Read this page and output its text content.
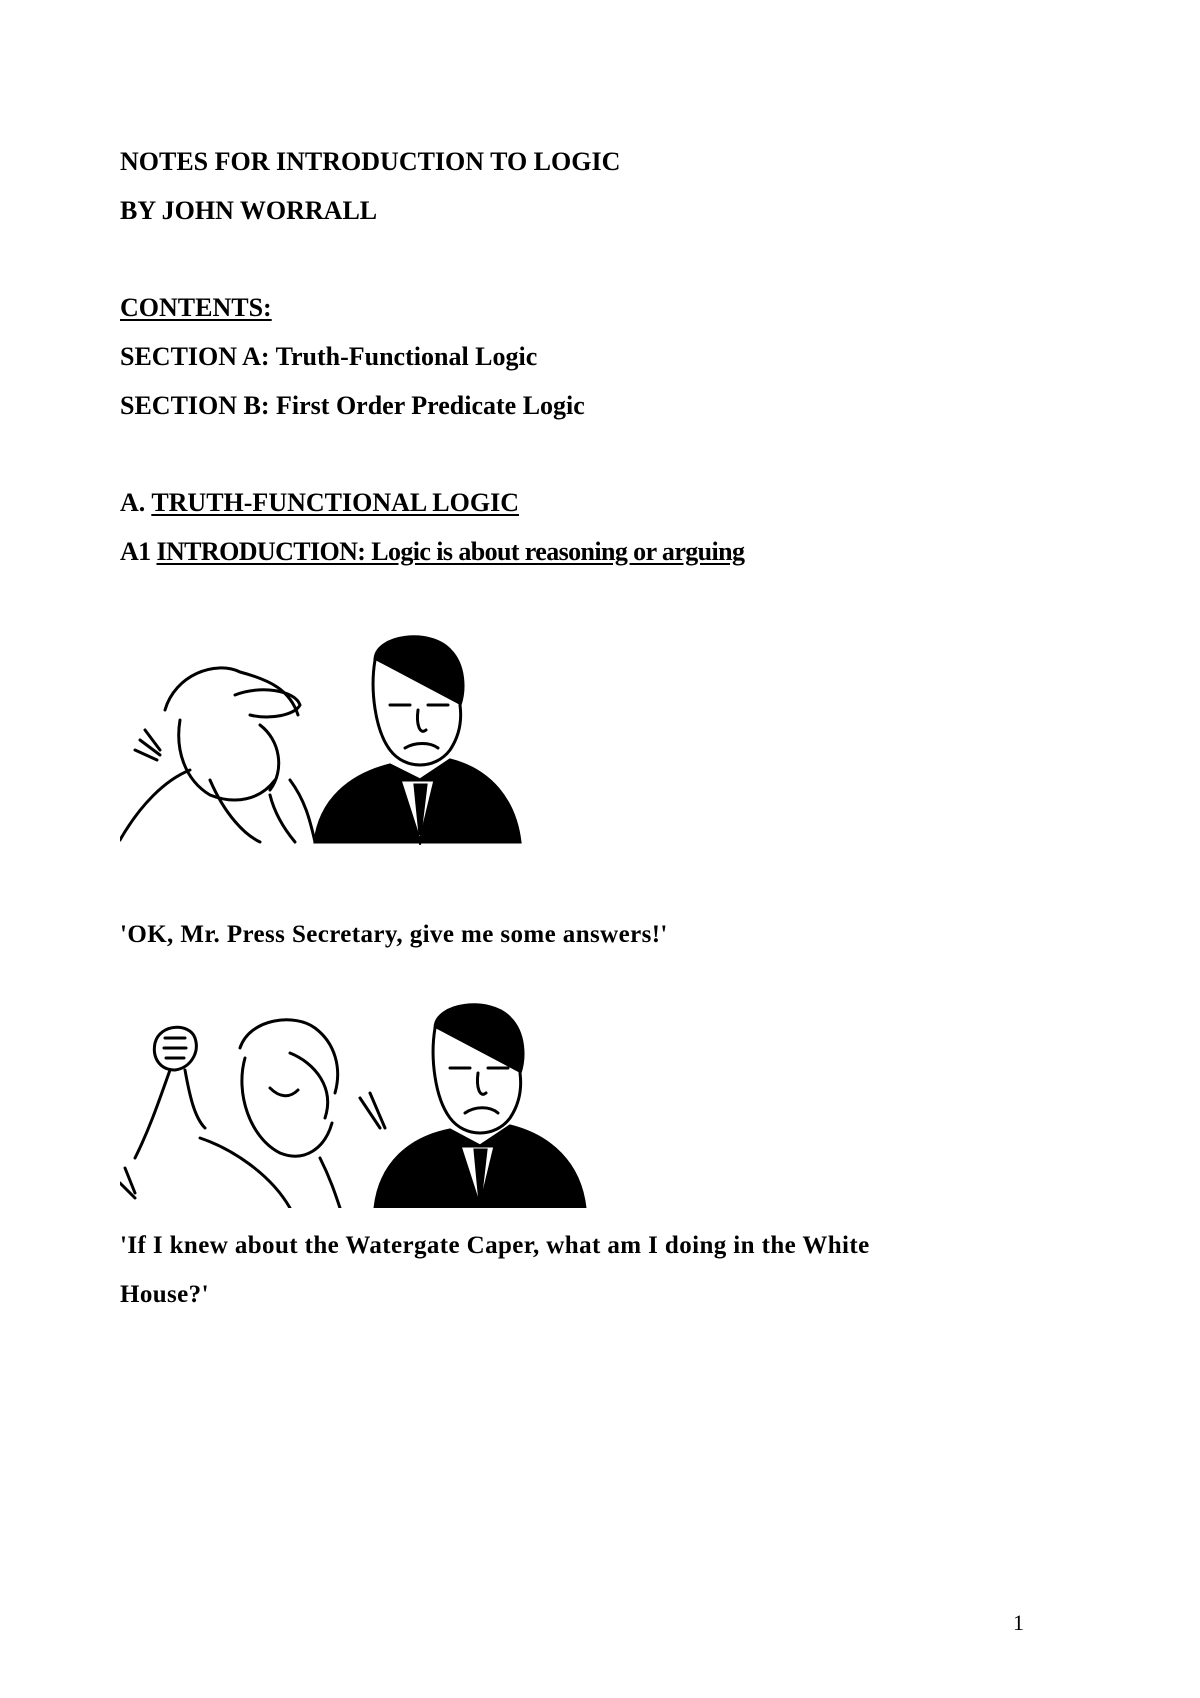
NOTES FOR INTRODUCTION TO LOGIC
BY JOHN WORRALL
CONTENTS:
SECTION A: Truth-Functional Logic
SECTION B: First Order Predicate Logic
A. TRUTH-FUNCTIONAL LOGIC
A1 INTRODUCTION: Logic is about reasoning or arguing
'OK, Mr. Press Secretary, give me some answers!'
'If I knew about the Watergate Caper, what am I doing in the White
House?'
1
